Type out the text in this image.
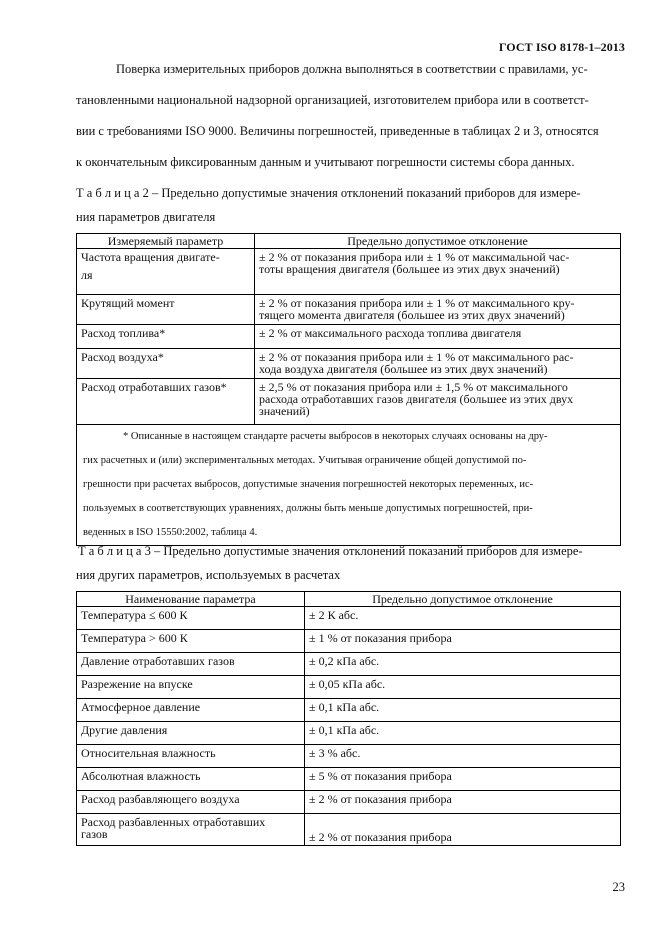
ГОСТ ISO 8178-1–2013
Поверка измерительных приборов должна выполняться в соответствии с правилами, ус-
тановленными национальной надзорной организацией, изготовителем прибора или в соответст-
вии с требованиями ISO 9000. Величины погрешностей, приведенные в таблицах 2 и 3, относятся
к окончательным фиксированным данным и учитывают погрешности системы сбора данных.
Т а б л и ц а 2 – Предельно допустимые значения отклонений показаний приборов для измере-
ния параметров двигателя
Измеряемый параметр	Предельно допустимое отклонение
Частота вращения двигате-
ля	± 2 % от показания прибора или ± 1 % от максимальной час-
тоты вращения двигателя (большее из этих двух значений)
Крутящий момент	± 2 % от показания прибора или ± 1 % от максимального кру-
тящего момента двигателя (большее из этих двух значений)
Расход топлива*	± 2 % от максимального расхода топлива двигателя
Расход воздуха*	± 2 % от показания прибора или ± 1 % от максимального рас-
хода воздуха двигателя (большее из этих двух значений)
Расход отработавших газов*	± 2,5 % от показания прибора или ± 1,5 % от максимального
расхода отработавших газов двигателя (большее из этих двух
значений)

* Описанные в настоящем стандарте расчеты выбросов в некоторых случаях основаны на дру-
гих расчетных и (или) экспериментальных методах. Учитывая ограничение общей допустимой по-
грешности при расчетах выбросов, допустимые значения погрешностей некоторых переменных, ис-
пользуемых в соответствующих уравнениях, должны быть меньше допустимых погрешностей, при-
веденных в ISO 15550:2002, таблица 4.	
Т а б л и ц а 3 – Предельно допустимые значения отклонений показаний приборов для измере-
ния других параметров, используемых в расчетах
Наименование параметра	Предельно допустимое отклонение
Температура ≤ 600 К	± 2 К абс.
Температура > 600 К	± 1 % от показания прибора
Давление отработавших газов	± 0,2 кПа абс.
Разрежение на впуске	± 0,05 кПа абс.
Атмосферное давление	± 0,1 кПа абс.
Другие давления	± 0,1 кПа абс.
Относительная влажность	± 3 % абс.
Абсолютная влажность	± 5 % от показания прибора
Расход разбавляющего воздуха	± 2 % от показания прибора
Расход разбавленных отработавших
газов	± 2 % от показания прибора
23
